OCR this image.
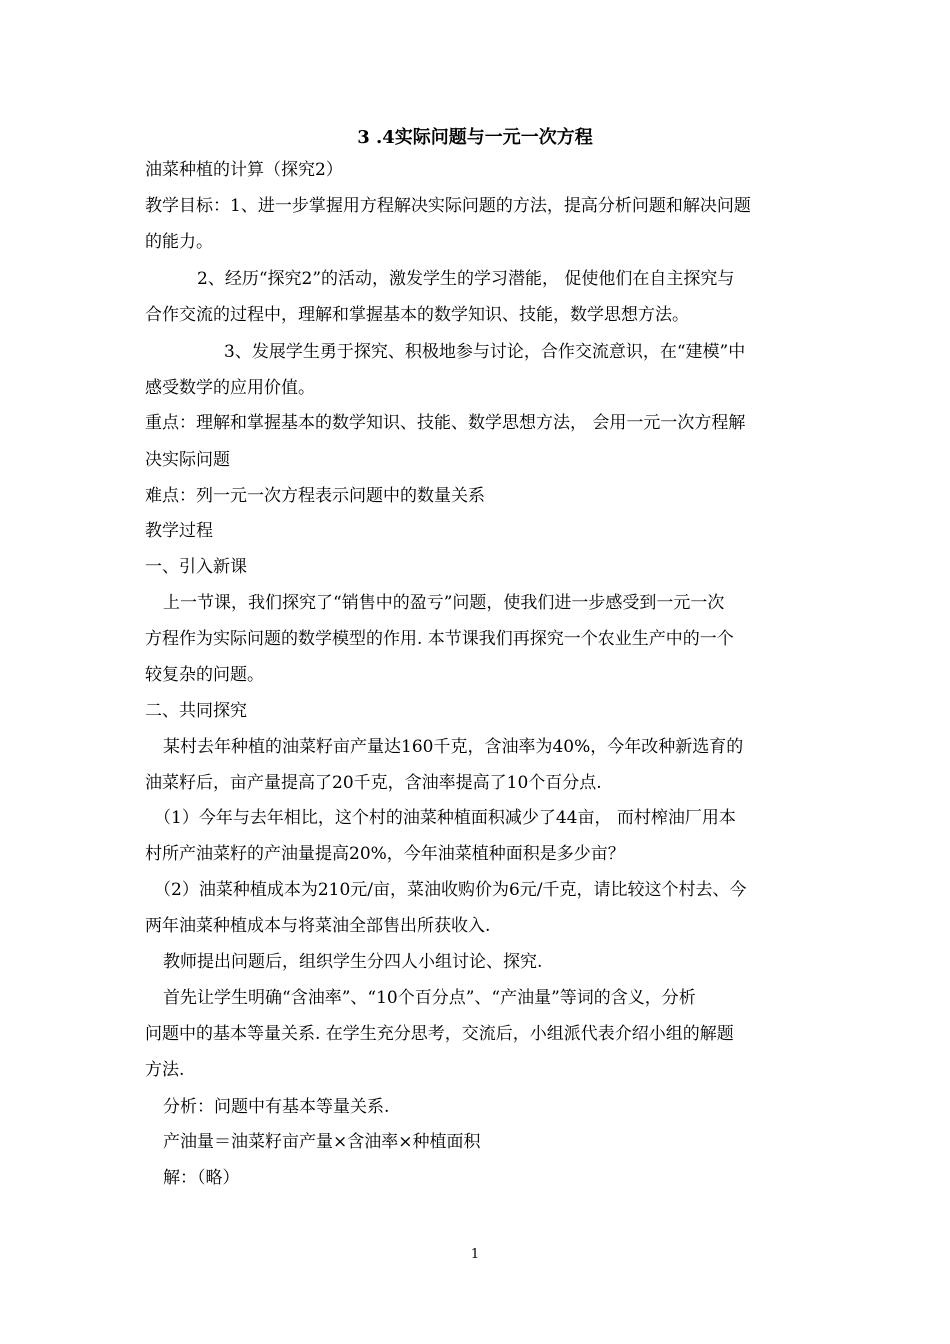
3 .4实际问题与一元一次方程
油菜种植的计算（探究2）
教学目标：1、进一步掌握用方程解决实际问题的方法，提高分析问题和解决问题
的能力。
2、经历“探究2”的活动，激发学生的学习潜能， 促使他们在自主探究与
合作交流的过程中，理解和掌握基本的数学知识、技能，数学思想方法。
3、发展学生勇于探究、积极地参与讨论，合作交流意识，在“建模”中
感受数学的应用价值。
重点：理解和掌握基本的数学知识、技能、数学思想方法， 会用一元一次方程解
决实际问题
难点：列一元一次方程表示问题中的数量关系
教学过程
一、引入新课
上一节课，我们探究了“销售中的盈亏”问题，使我们进一步感受到一元一次
方程作为实际问题的数学模型的作用. 本节课我们再探究一个农业生产中的一个
较复杂的问题。
二、共同探究
某村去年种植的油菜籽亩产量达160千克，含油率为40%，今年改种新选育的
油菜籽后，亩产量提高了20千克，含油率提高了10个百分点.
（1）今年与去年相比，这个村的油菜种植面积减少了44亩， 而村榨油厂用本
村所产油菜籽的产油量提高20%，今年油菜植种面积是多少亩？
（2）油菜种植成本为210元/亩，菜油收购价为6元/千克，请比较这个村去、今
两年油菜种植成本与将菜油全部售出所获收入.
教师提出问题后，组织学生分四人小组讨论、探究.
首先让学生明确“含油率”、“10个百分点”、“产油量”等词的含义，分析
问题中的基本等量关系. 在学生充分思考，交流后，小组派代表介绍小组的解题
方法.
分析：问题中有基本等量关系.
产油量＝油菜籽亩产量×含油率×种植面积
解：（略）
1
